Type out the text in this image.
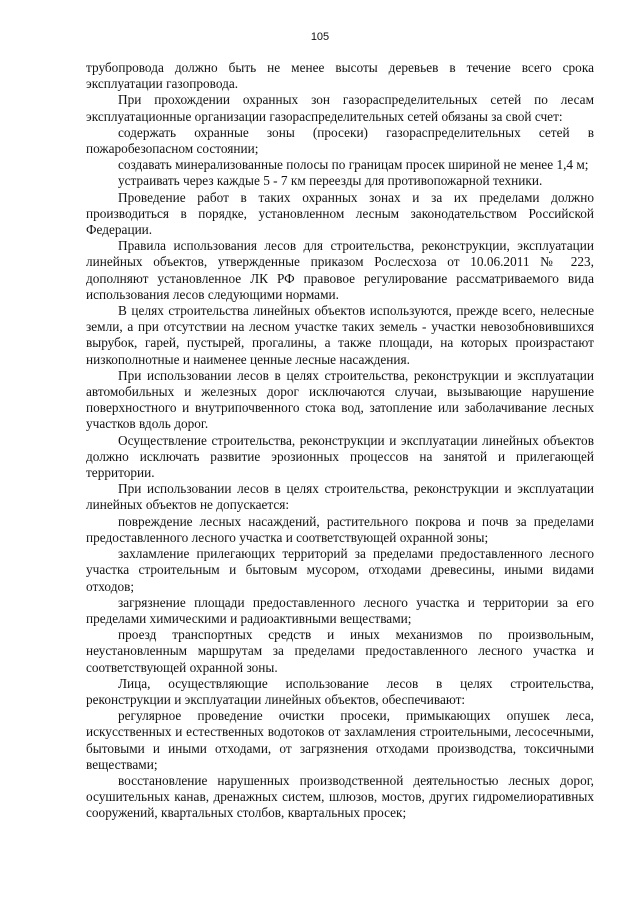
105

трубопровода должно быть не менее высоты деревьев в течение всего срока эксплуатации газопровода.

При прохождении охранных зон газораспределительных сетей по лесам эксплуатационные организации газораспределительных сетей обязаны за свой счет:

содержать охранные зоны (просеки) газораспределительных сетей в пожаробезопасном состоянии;

создавать минерализованные полосы по границам просек шириной не менее 1,4 м;

устраивать через каждые 5 - 7 км переезды для противопожарной техники.

Проведение работ в таких охранных зонах и за их пределами должно производиться в порядке, установленном лесным законодательством Российской Федерации.

Правила использования лесов для строительства, реконструкции, эксплуатации линейных объектов, утвержденные приказом Рослесхоза от 10.06.2011 № 223, дополняют установленное ЛК РФ правовое регулирование рассматриваемого вида использования лесов следующими нормами.

В целях строительства линейных объектов используются, прежде всего, нелесные земли, а при отсутствии на лесном участке таких земель - участки невозобновившихся вырубок, гарей, пустырей, прогалины, а также площади, на которых произрастают низкополнотные и наименее ценные лесные насаждения.

При использовании лесов в целях строительства, реконструкции и эксплуатации автомобильных и железных дорог исключаются случаи, вызывающие нарушение поверхностного и внутрипочвенного стока вод, затопление или заболачивание лесных участков вдоль дорог.

Осуществление строительства, реконструкции и эксплуатации линейных объектов должно исключать развитие эрозионных процессов на занятой и прилегающей территории.

При использовании лесов в целях строительства, реконструкции и эксплуатации линейных объектов не допускается:

повреждение лесных насаждений, растительного покрова и почв за пределами предоставленного лесного участка и соответствующей охранной зоны;

захламление прилегающих территорий за пределами предоставленного лесного участка строительным и бытовым мусором, отходами древесины, иными видами отходов;

загрязнение площади предоставленного лесного участка и территории за его пределами химическими и радиоактивными веществами;

проезд транспортных средств и иных механизмов по произвольным, неустановленным маршрутам за пределами предоставленного лесного участка и соответствующей охранной зоны.

Лица, осуществляющие использование лесов в целях строительства, реконструкции и эксплуатации линейных объектов, обеспечивают:

регулярное проведение очистки просеки, примыкающих опушек леса, искусственных и естественных водотоков от захламления строительными, лесосечными, бытовыми и иными отходами, от загрязнения отходами производства, токсичными веществами;

восстановление нарушенных производственной деятельностью лесных дорог, осушительных канав, дренажных систем, шлюзов, мостов, других гидромелиоративных сооружений, квартальных столбов, квартальных просек;
